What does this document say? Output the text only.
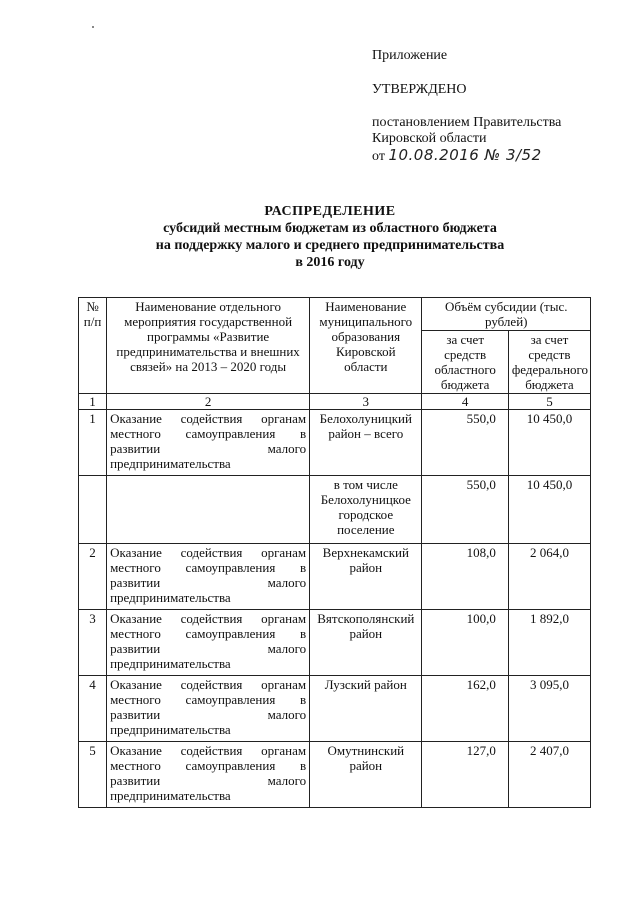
Приложение
УТВЕРЖДЕНО
постановлением Правительства
Кировской области
от 10.08.2016 № 3/52
РАСПРЕДЕЛЕНИЕ
субсидий местным бюджетам из областного бюджета
на поддержку малого и среднего предпринимательства
в 2016 году
№ п/п	Наименование отдельного мероприятия государственной программы «Развитие предпринимательства и внешних связей» на 2013 – 2020 годы	Наименование муниципального образования Кировской области	Объём субсидии (тыс. рублей)	
			за счет средств областного бюджета	за счет средств федерального бюджета
1	2	3	4	5
1	Оказание содействия органам местного самоуправления в развитии малого предпринимательства	Белохолуницкий район – всего	550,0	10 450,0
		в том числе Белохолуницкое городское поселение	550,0	10 450,0
2	Оказание содействия органам местного самоуправления в развитии малого предпринимательства	Верхнекамский район	108,0	2 064,0
3	Оказание содействия органам местного самоуправления в развитии малого предпринимательства	Вятскополянский район	100,0	1 892,0
4	Оказание содействия органам местного самоуправления в развитии малого предпринимательства	Лузский район	162,0	3 095,0
5	Оказание содействия органам местного самоуправления в развитии малого предпринимательства	Омутнинский район	127,0	2 407,0
